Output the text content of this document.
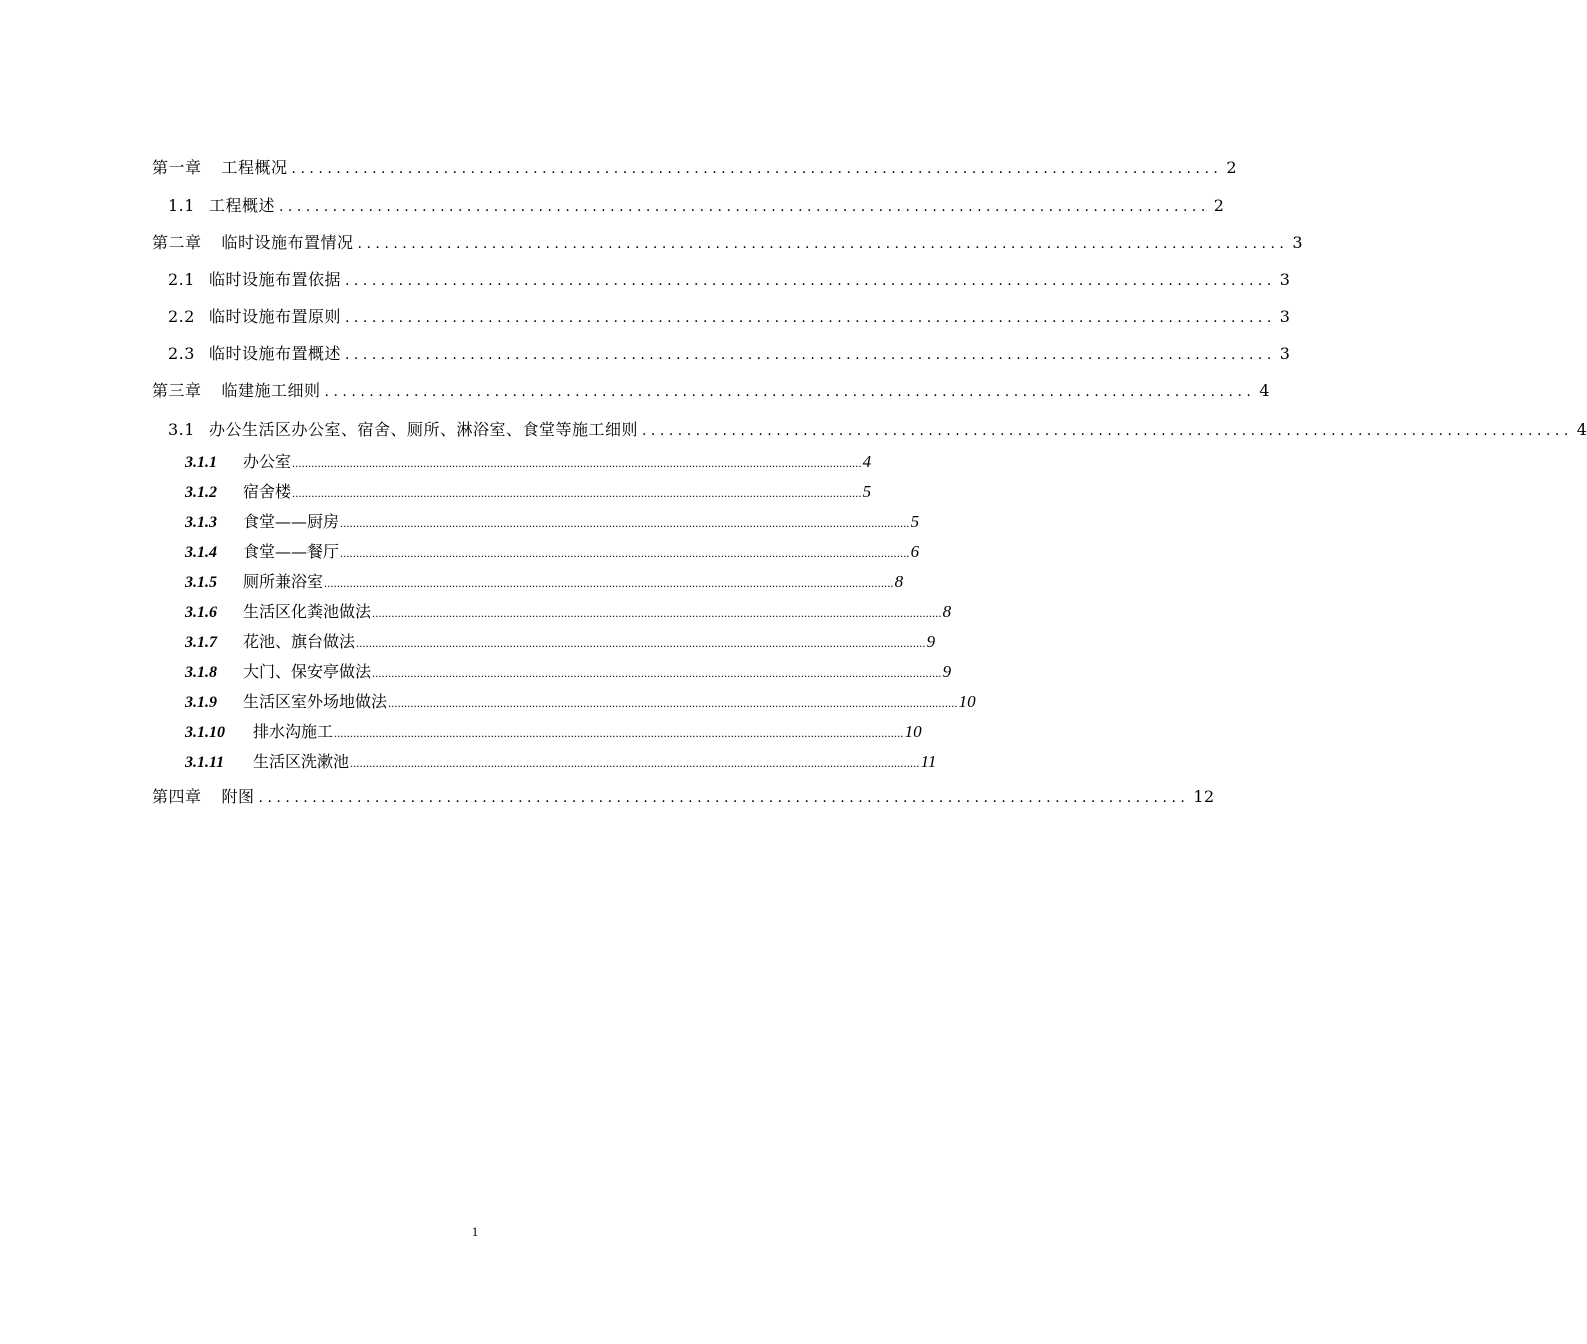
第一章 工程概况 ........................................................................................................ 2
1.1 工程概述 ........................................................................................................ 2
第二章 临时设施布置情况 ........................................................................................................ 3
2.1 临时设施布置依据 ........................................................................................................ 3
2.2 临时设施布置原则 ........................................................................................................ 3
2.3 临时设施布置概述 ........................................................................................................ 3
第三章 临建施工细则 ........................................................................................................ 4
3.1 办公生活区办公室、宿舍、厕所、淋浴室、食堂等施工细则 ........................................................................................................ 4
3.1.1	办公室 .................................................................................................................................................................................. 4
3.1.2	宿舍楼 .................................................................................................................................................................................. 5
3.1.3	食堂——厨房 .................................................................................................................................................................................. 5
3.1.4	食堂——餐厅 .................................................................................................................................................................................. 6
3.1.5	厕所兼浴室 .................................................................................................................................................................................. 8
3.1.6	生活区化粪池做法 .................................................................................................................................................................................. 8
3.1.7	花池、旗台做法 .................................................................................................................................................................................. 9
3.1.8	大门、保安亭做法 .................................................................................................................................................................................. 9
3.1.9	生活区室外场地做法 .................................................................................................................................................................................. 10
3.1.10	排水沟施工 .................................................................................................................................................................................. 10
3.1.11	生活区洗漱池 .................................................................................................................................................................................. 11
第四章 附图 ........................................................................................................ 12
1
